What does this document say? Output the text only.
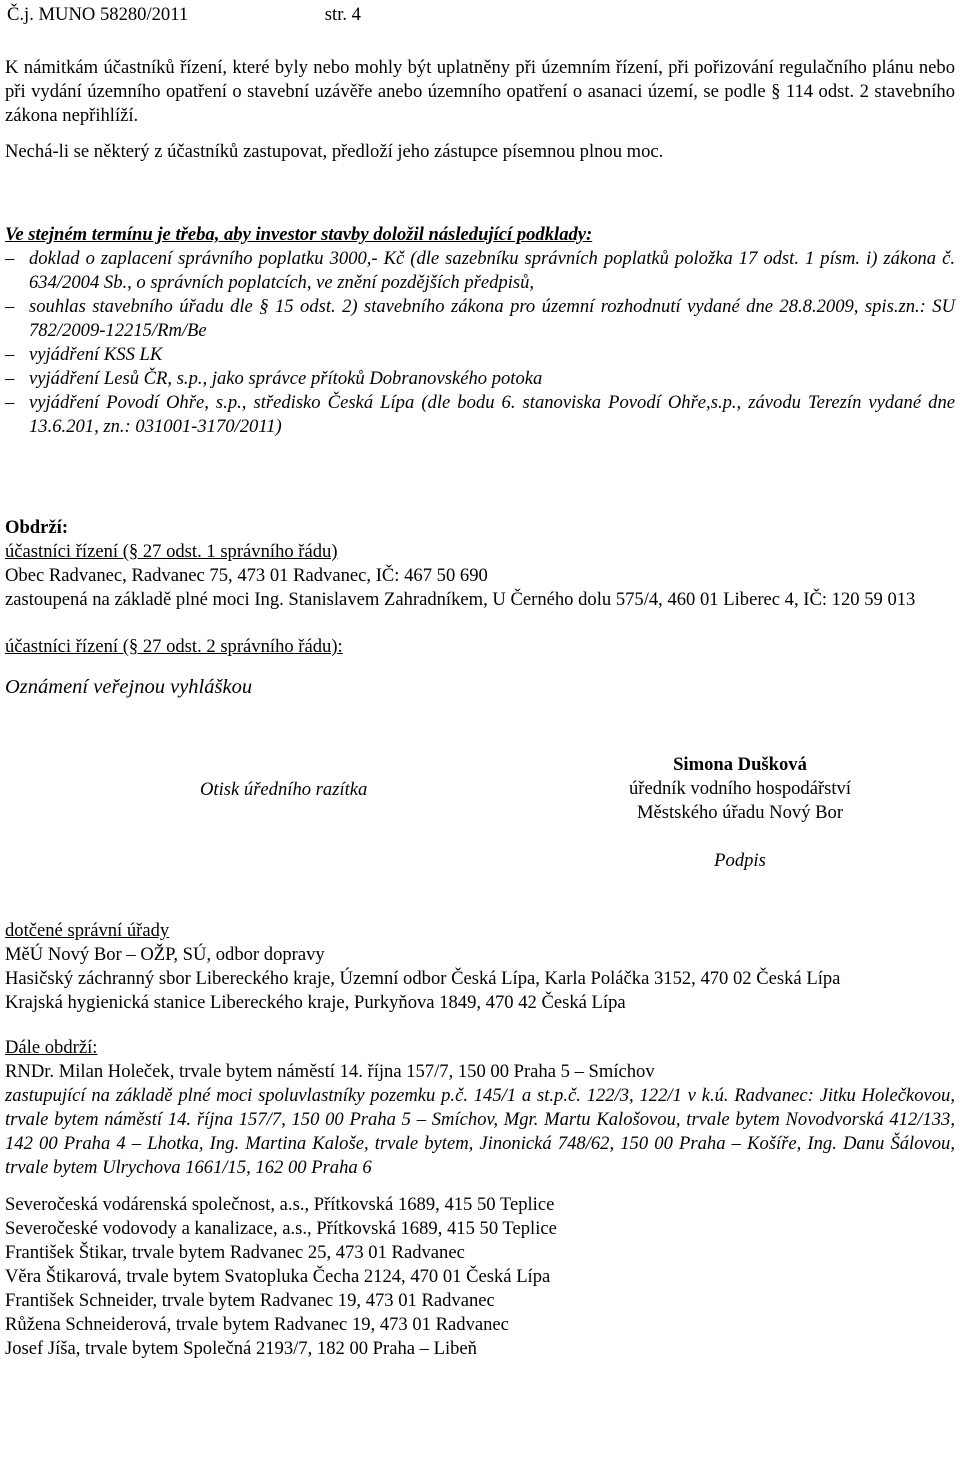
Č.j. MUNO 58280/2011	str. 4

K námitkám účastníků řízení, které byly nebo mohly být uplatněny při územním řízení, při pořizování regulačního plánu nebo při vydání územního opatření o stavební uzávěře anebo územního opatření o asanaci území, se podle § 114 odst. 2 stavebního zákona nepřihlíží.

Nechá-li se některý z účastníků zastupovat, předloží jeho zástupce písemnou plnou moc.

Ve stejném termínu je třeba, aby investor stavby doložil následující podklady:

– doklad o zaplacení správního poplatku 3000,- Kč (dle sazebníku správních poplatků položka 17 odst. 1 písm. i) zákona č. 634/2004 Sb., o správních poplatcích, ve znění pozdějších předpisů,
– souhlas stavebního úřadu dle § 15 odst. 2) stavebního zákona pro územní rozhodnutí vydané dne 28.8.2009, spis.zn.: SU 782/2009-12215/Rm/Be
– vyjádření KSS LK
– vyjádření Lesů ČR, s.p., jako správce přítoků Dobranovského potoka
– vyjádření Povodí Ohře, s.p., středisko Česká Lípa (dle bodu 6. stanoviska Povodí Ohře,s.p., závodu Terezín vydané dne 13.6.201, zn.: 031001-3170/2011)

Obdrží:

účastníci řízení (§ 27 odst. 1 správního řádu)

Obec Radvanec, Radvanec 75, 473 01 Radvanec, IČ: 467 50 690

zastoupená na základě plné moci Ing. Stanislavem Zahradníkem, U Černého dolu 575/4, 460 01 Liberec 4, IČ: 120 59 013

účastníci řízení (§ 27 odst. 2 správního řádu):

Oznámení veřejnou vyhláškou

Otisk úředního razítka
Simona Dušková
úředník vodního hospodářství
Městského úřadu Nový Bor
Podpis

dotčené správní úřady

MěÚ Nový Bor – OŽP, SÚ, odbor dopravy

Hasičský záchranný sbor Libereckého kraje, Územní odbor Česká Lípa, Karla Poláčka 3152, 470 02 Česká Lípa

Krajská hygienická stanice Libereckého kraje, Purkyňova 1849, 470 42 Česká Lípa

Dále obdrží:

RNDr. Milan Holeček, trvale bytem náměstí 14. října 157/7, 150 00 Praha 5 – Smíchov

zastupující na základě plné moci spoluvlastníky pozemku p.č. 145/1 a st.p.č. 122/3, 122/1 v k.ú. Radvanec: Jitku Holečkovou, trvale bytem náměstí 14. října 157/7, 150 00 Praha 5 – Smíchov, Mgr. Martu Kalošovou, trvale bytem Novodvorská 412/133, 142 00 Praha 4 – Lhotka, Ing. Martina Kaloše, trvale bytem, Jinonická 748/62, 150 00 Praha – Košíře, Ing. Danu Šálovou, trvale bytem Ulrychova 1661/15, 162 00 Praha 6

Severočeská vodárenská společnost, a.s., Přítkovská 1689, 415 50 Teplice

Severočeské vodovody a kanalizace, a.s., Přítkovská 1689, 415 50 Teplice

František Štikar, trvale bytem Radvanec 25, 473 01 Radvanec

Věra Štikarová, trvale bytem Svatopluka Čecha 2124, 470 01 Česká Lípa

František Schneider, trvale bytem Radvanec 19, 473 01 Radvanec

Růžena Schneiderová, trvale bytem Radvanec 19, 473 01 Radvanec

Josef Jíša, trvale bytem Společná 2193/7, 182 00 Praha – Libeň
